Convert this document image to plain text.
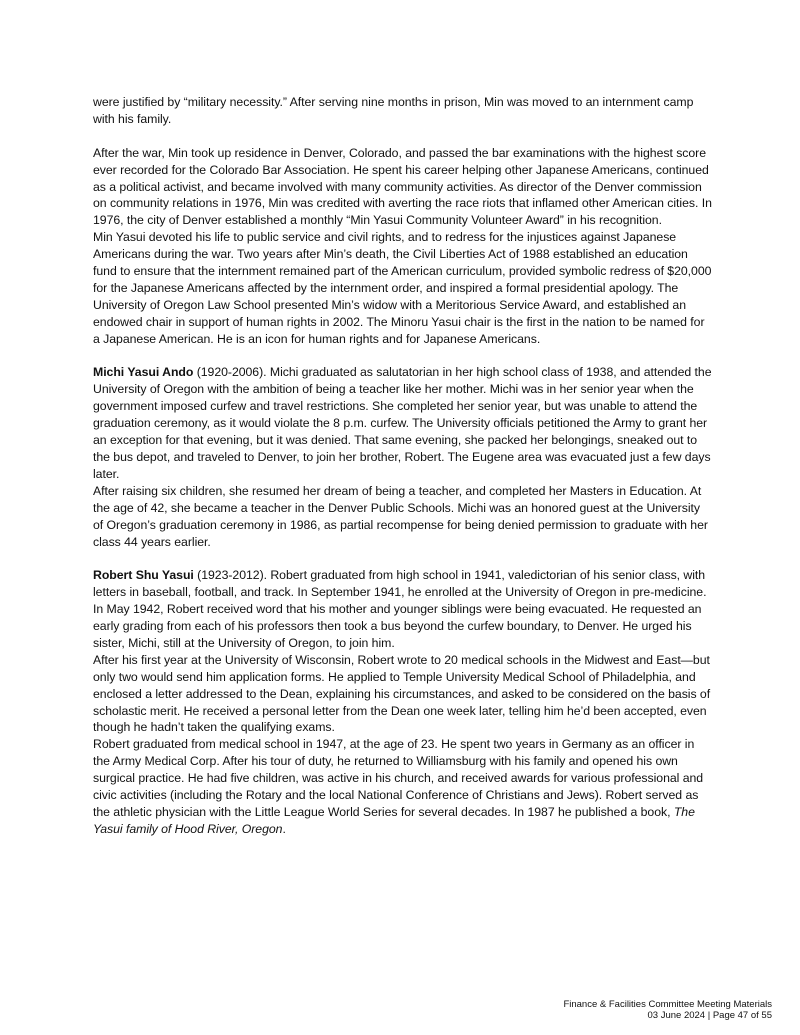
were justified by “military necessity.” After serving nine months in prison, Min was moved to an internment camp with his family.

After the war, Min took up residence in Denver, Colorado, and passed the bar examinations with the highest score ever recorded for the Colorado Bar Association. He spent his career helping other Japanese Americans, continued as a political activist, and became involved with many community activities. As director of the Denver commission on community relations in 1976, Min was credited with averting the race riots that inflamed other American cities. In 1976, the city of Denver established a monthly “Min Yasui Community Volunteer Award” in his recognition.

Min Yasui devoted his life to public service and civil rights, and to redress for the injustices against Japanese Americans during the war. Two years after Min’s death, the Civil Liberties Act of 1988 established an education fund to ensure that the internment remained part of the American curriculum, provided symbolic redress of $20,000 for the Japanese Americans affected by the internment order, and inspired a formal presidential apology. The University of Oregon Law School presented Min’s widow with a Meritorious Service Award, and established an endowed chair in support of human rights in 2002. The Minoru Yasui chair is the first in the nation to be named for a Japanese American. He is an icon for human rights and for Japanese Americans.

Michi Yasui Ando (1920-2006). Michi graduated as salutatorian in her high school class of 1938, and attended the University of Oregon with the ambition of being a teacher like her mother. Michi was in her senior year when the government imposed curfew and travel restrictions. She completed her senior year, but was unable to attend the graduation ceremony, as it would violate the 8 p.m. curfew. The University officials petitioned the Army to grant her an exception for that evening, but it was denied. That same evening, she packed her belongings, sneaked out to the bus depot, and traveled to Denver, to join her brother, Robert. The Eugene area was evacuated just a few days later.

After raising six children, she resumed her dream of being a teacher, and completed her Masters in Education. At the age of 42, she became a teacher in the Denver Public Schools. Michi was an honored guest at the University of Oregon’s graduation ceremony in 1986, as partial recompense for being denied permission to graduate with her class 44 years earlier.

Robert Shu Yasui (1923-2012). Robert graduated from high school in 1941, valedictorian of his senior class, with letters in baseball, football, and track. In September 1941, he enrolled at the University of Oregon in pre-medicine. In May 1942, Robert received word that his mother and younger siblings were being evacuated. He requested an early grading from each of his professors then took a bus beyond the curfew boundary, to Denver. He urged his sister, Michi, still at the University of Oregon, to join him.

After his first year at the University of Wisconsin, Robert wrote to 20 medical schools in the Midwest and East—but only two would send him application forms. He applied to Temple University Medical School of Philadelphia, and enclosed a letter addressed to the Dean, explaining his circumstances, and asked to be considered on the basis of scholastic merit. He received a personal letter from the Dean one week later, telling him he’d been accepted, even though he hadn’t taken the qualifying exams.

Robert graduated from medical school in 1947, at the age of 23. He spent two years in Germany as an officer in the Army Medical Corp. After his tour of duty, he returned to Williamsburg with his family and opened his own surgical practice. He had five children, was active in his church, and received awards for various professional and civic activities (including the Rotary and the local National Conference of Christians and Jews). Robert served as the athletic physician with the Little League World Series for several decades. In 1987 he published a book, The Yasui family of Hood River, Oregon.

Finance & Facilities Committee Meeting Materials
03 June 2024 | Page 47 of 55
